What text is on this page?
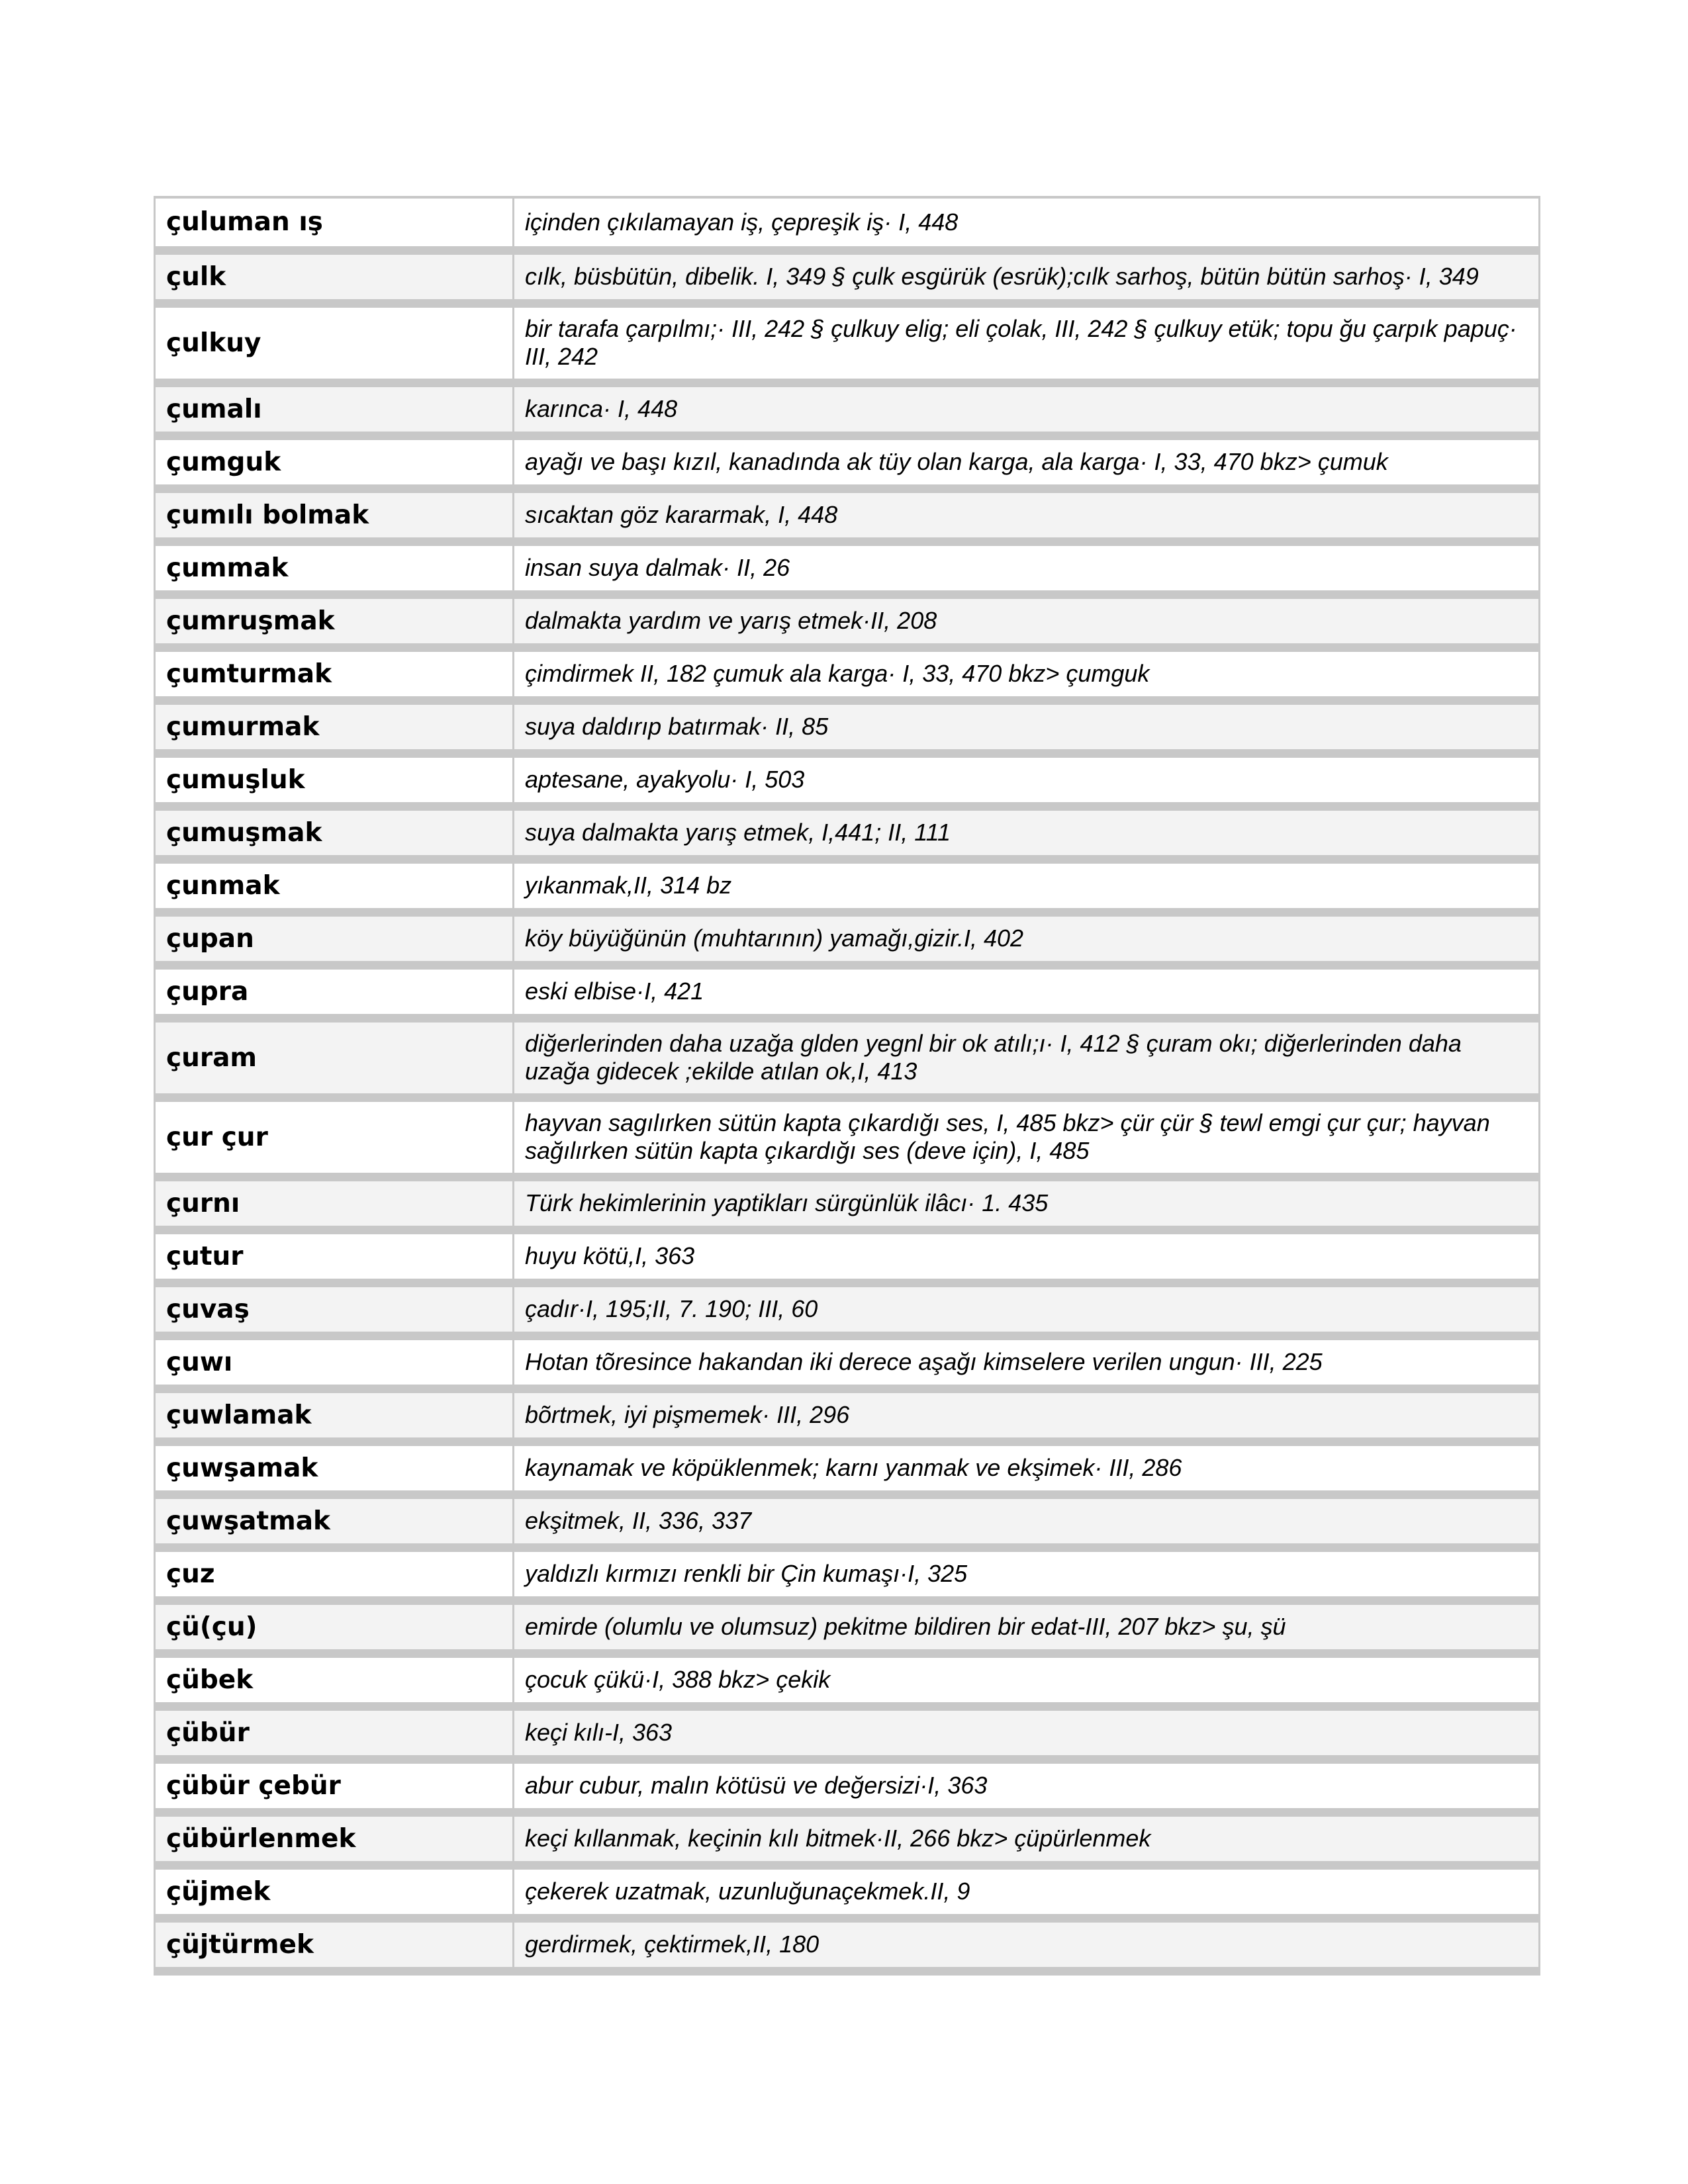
çuluman ış	içinden çıkılamayan iş, çepreşik iş· I, 448
çulk	cılk, büsbütün, dibelik. I, 349 § çulk esgürük (esrük);cılk sarhoş, bütün bütün sarhoş· I, 349
çulkuy	bir tarafa çarpılmı;· III, 242 § çulkuy elig; eli çolak, III, 242 § çulkuy etük; topu ğu çarpık papuç· III, 242
çumalı	karınca· I, 448
çumguk	ayağı ve başı kızıl, kanadında ak tüy olan karga, ala karga· I, 33, 470 bkz> çumuk
çumılı bolmak	sıcaktan göz kararmak, I, 448
çummak	insan suya dalmak· II, 26
çumruşmak	dalmakta yardım ve yarış etmek·II, 208
çumturmak	çimdirmek II, 182 çumuk ala karga· I, 33, 470 bkz> çumguk
çumurmak	suya daldırıp batırmak· II, 85
çumuşluk	aptesane, ayakyolu· I, 503
çumuşmak	suya dalmakta yarış etmek, I,441; II, 111
çunmak	yıkanmak,II, 314 bz
çupan	köy büyüğünün (muhtarının) yamağı,gizir.I, 402
çupra	eski elbise·I, 421
çuram	diğerlerinden daha uzağa glden yegnl bir ok atılı;ı· I, 412 § çuram okı; diğerlerinden daha uzağa gidecek ;ekilde atılan ok,I, 413
çur çur	hayvan sagılırken sütün kapta çıkardığı ses, I, 485 bkz> çür çür § tewl emgi çur çur; hayvan sağılırken sütün kapta çıkardığı ses (deve için), I, 485
çurnı	Türk hekimlerinin yaptikları sürgünlük ilâcı· 1. 435
çutur	huyu kötü,I, 363
çuvaş	çadır·I, 195;II, 7. 190; III, 60
çuwı	Hotan tõresince hakandan iki derece aşağı kimselere verilen ungun· III, 225
çuwlamak	bõrtmek, iyi pişmemek· III, 296
çuwşamak	kaynamak ve köpüklenmek; karnı yanmak ve ekşimek· III, 286
çuwşatmak	ekşitmek, II, 336, 337
çuz	yaldızlı kırmızı renkli bir Çin kumaşı·I, 325
çü(çu)	emirde (olumlu ve olumsuz) pekitme bildiren bir edat-III, 207 bkz> şu, şü
çübek	çocuk çükü·I, 388 bkz> çekik
çübür	keçi kılı-I, 363
çübür çebür	abur cubur, malın kötüsü ve değersizi·I, 363
çübürlenmek	keçi kıllanmak, keçinin kılı bitmek·II, 266 bkz> çüpürlenmek
çüjmek	çekerek uzatmak, uzunluğunaçekmek.II, 9
çüjtürmek	gerdirmek, çektirmek,II, 180
